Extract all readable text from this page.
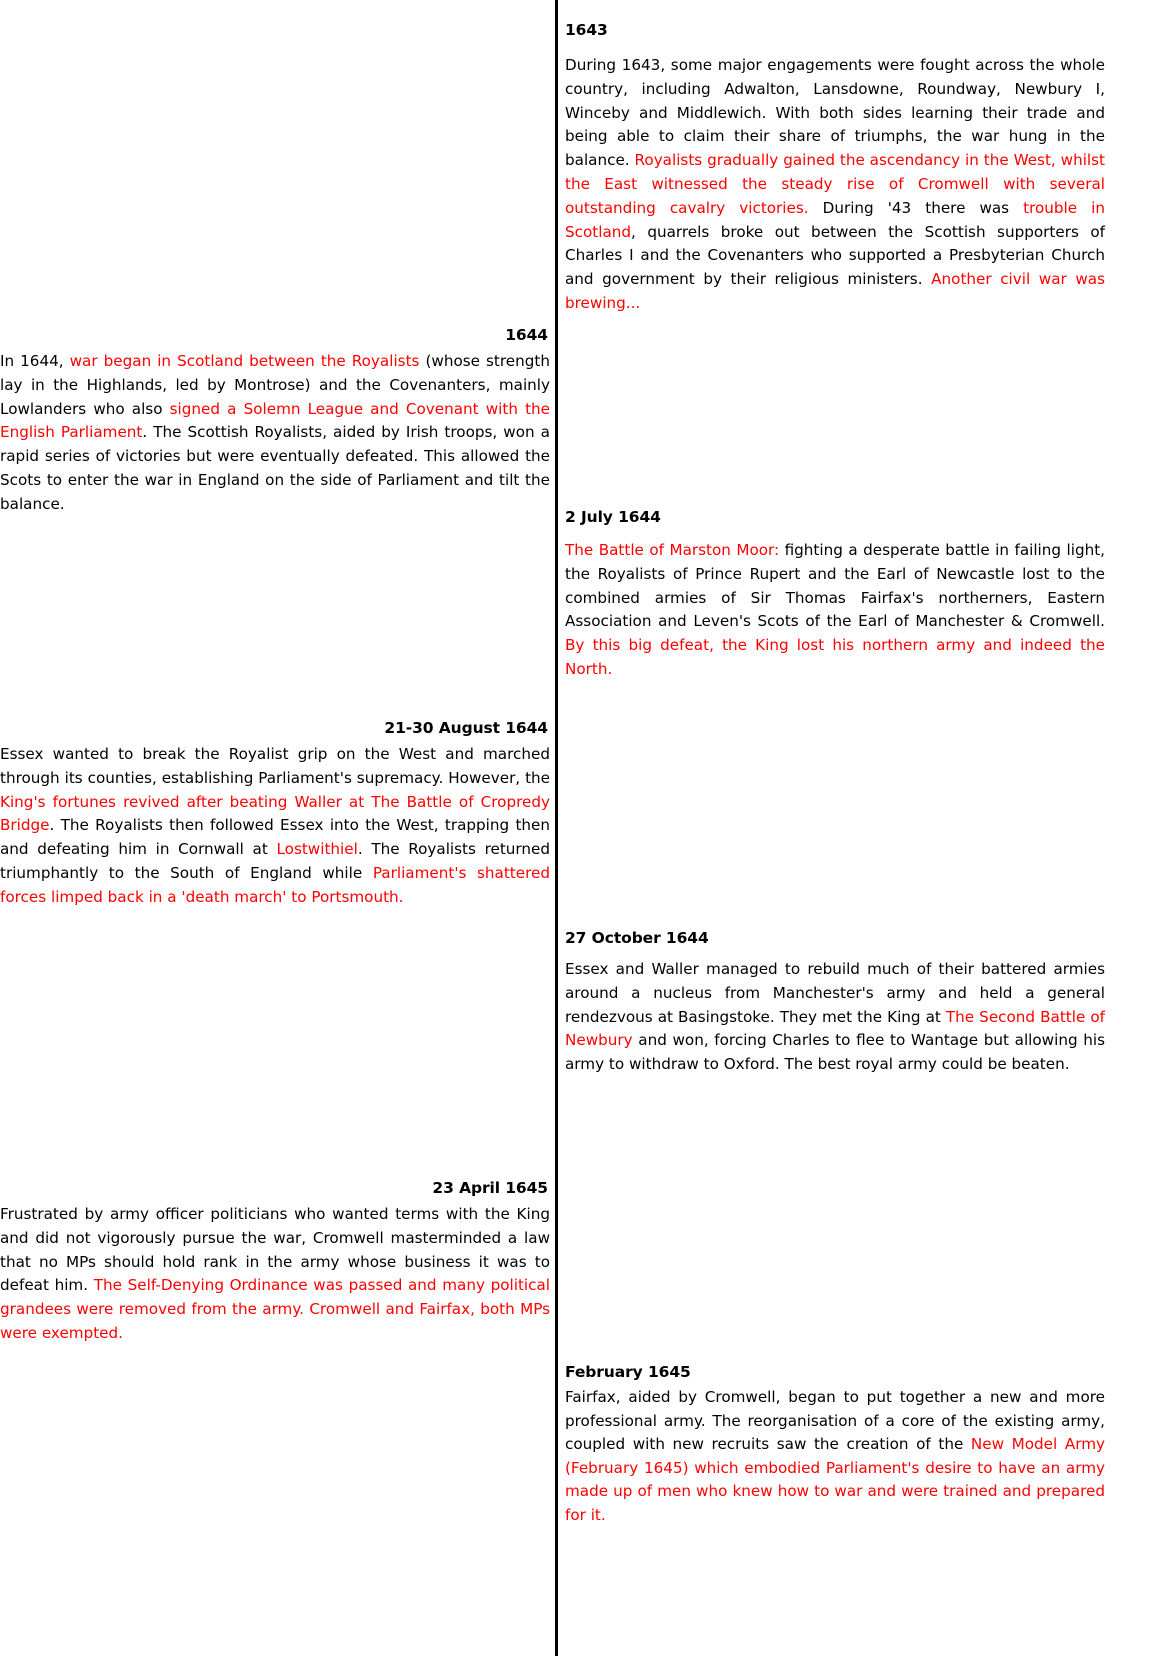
1644

In 1644, war began in Scotland between the Royalists (whose strength lay in the Highlands, led by Montrose) and the Covenanters, mainly Lowlanders who also signed a Solemn League and Covenant with the English Parliament. The Scottish Royalists, aided by Irish troops, won a rapid series of victories but were eventually defeated. This allowed the Scots to enter the war in England on the side of Parliament and tilt the balance.

21-30 August 1644

Essex wanted to break the Royalist grip on the West and marched through its counties, establishing Parliament's supremacy. However, the King's fortunes revived after beating Waller at The Battle of Cropredy Bridge. The Royalists then followed Essex into the West, trapping then and defeating him in Cornwall at Lostwithiel. The Royalists returned triumphantly to the South of England while Parliament's shattered forces limped back in a 'death march' to Portsmouth.

23 April 1645

Frustrated by army officer politicians who wanted terms with the King and did not vigorously pursue the war, Cromwell masterminded a law that no MPs should hold rank in the army whose business it was to defeat him. The Self-Denying Ordinance was passed and many political grandees were removed from the army. Cromwell and Fairfax, both MPs were exempted.

1643

During 1643, some major engagements were fought across the whole country, including Adwalton, Lansdowne, Roundway, Newbury I, Winceby and Middlewich. With both sides learning their trade and being able to claim their share of triumphs, the war hung in the balance. Royalists gradually gained the ascendancy in the West, whilst the East witnessed the steady rise of Cromwell with several outstanding cavalry victories. During '43 there was trouble in Scotland, quarrels broke out between the Scottish supporters of Charles I and the Covenanters who supported a Presbyterian Church and government by their religious ministers. Another civil war was brewing...

2 July 1644

The Battle of Marston Moor: fighting a desperate battle in failing light, the Royalists of Prince Rupert and the Earl of Newcastle lost to the combined armies of Sir Thomas Fairfax's northerners, Eastern Association and Leven's Scots of the Earl of Manchester & Cromwell. By this big defeat, the King lost his northern army and indeed the North.

27 October 1644

Essex and Waller managed to rebuild much of their battered armies around a nucleus from Manchester's army and held a general rendezvous at Basingstoke. They met the King at The Second Battle of Newbury and won, forcing Charles to flee to Wantage but allowing his army to withdraw to Oxford. The best royal army could be beaten.

February 1645

Fairfax, aided by Cromwell, began to put together a new and more professional army. The reorganisation of a core of the existing army, coupled with new recruits saw the creation of the New Model Army (February 1645) which embodied Parliament's desire to have an army made up of men who knew how to war and were trained and prepared for it.
